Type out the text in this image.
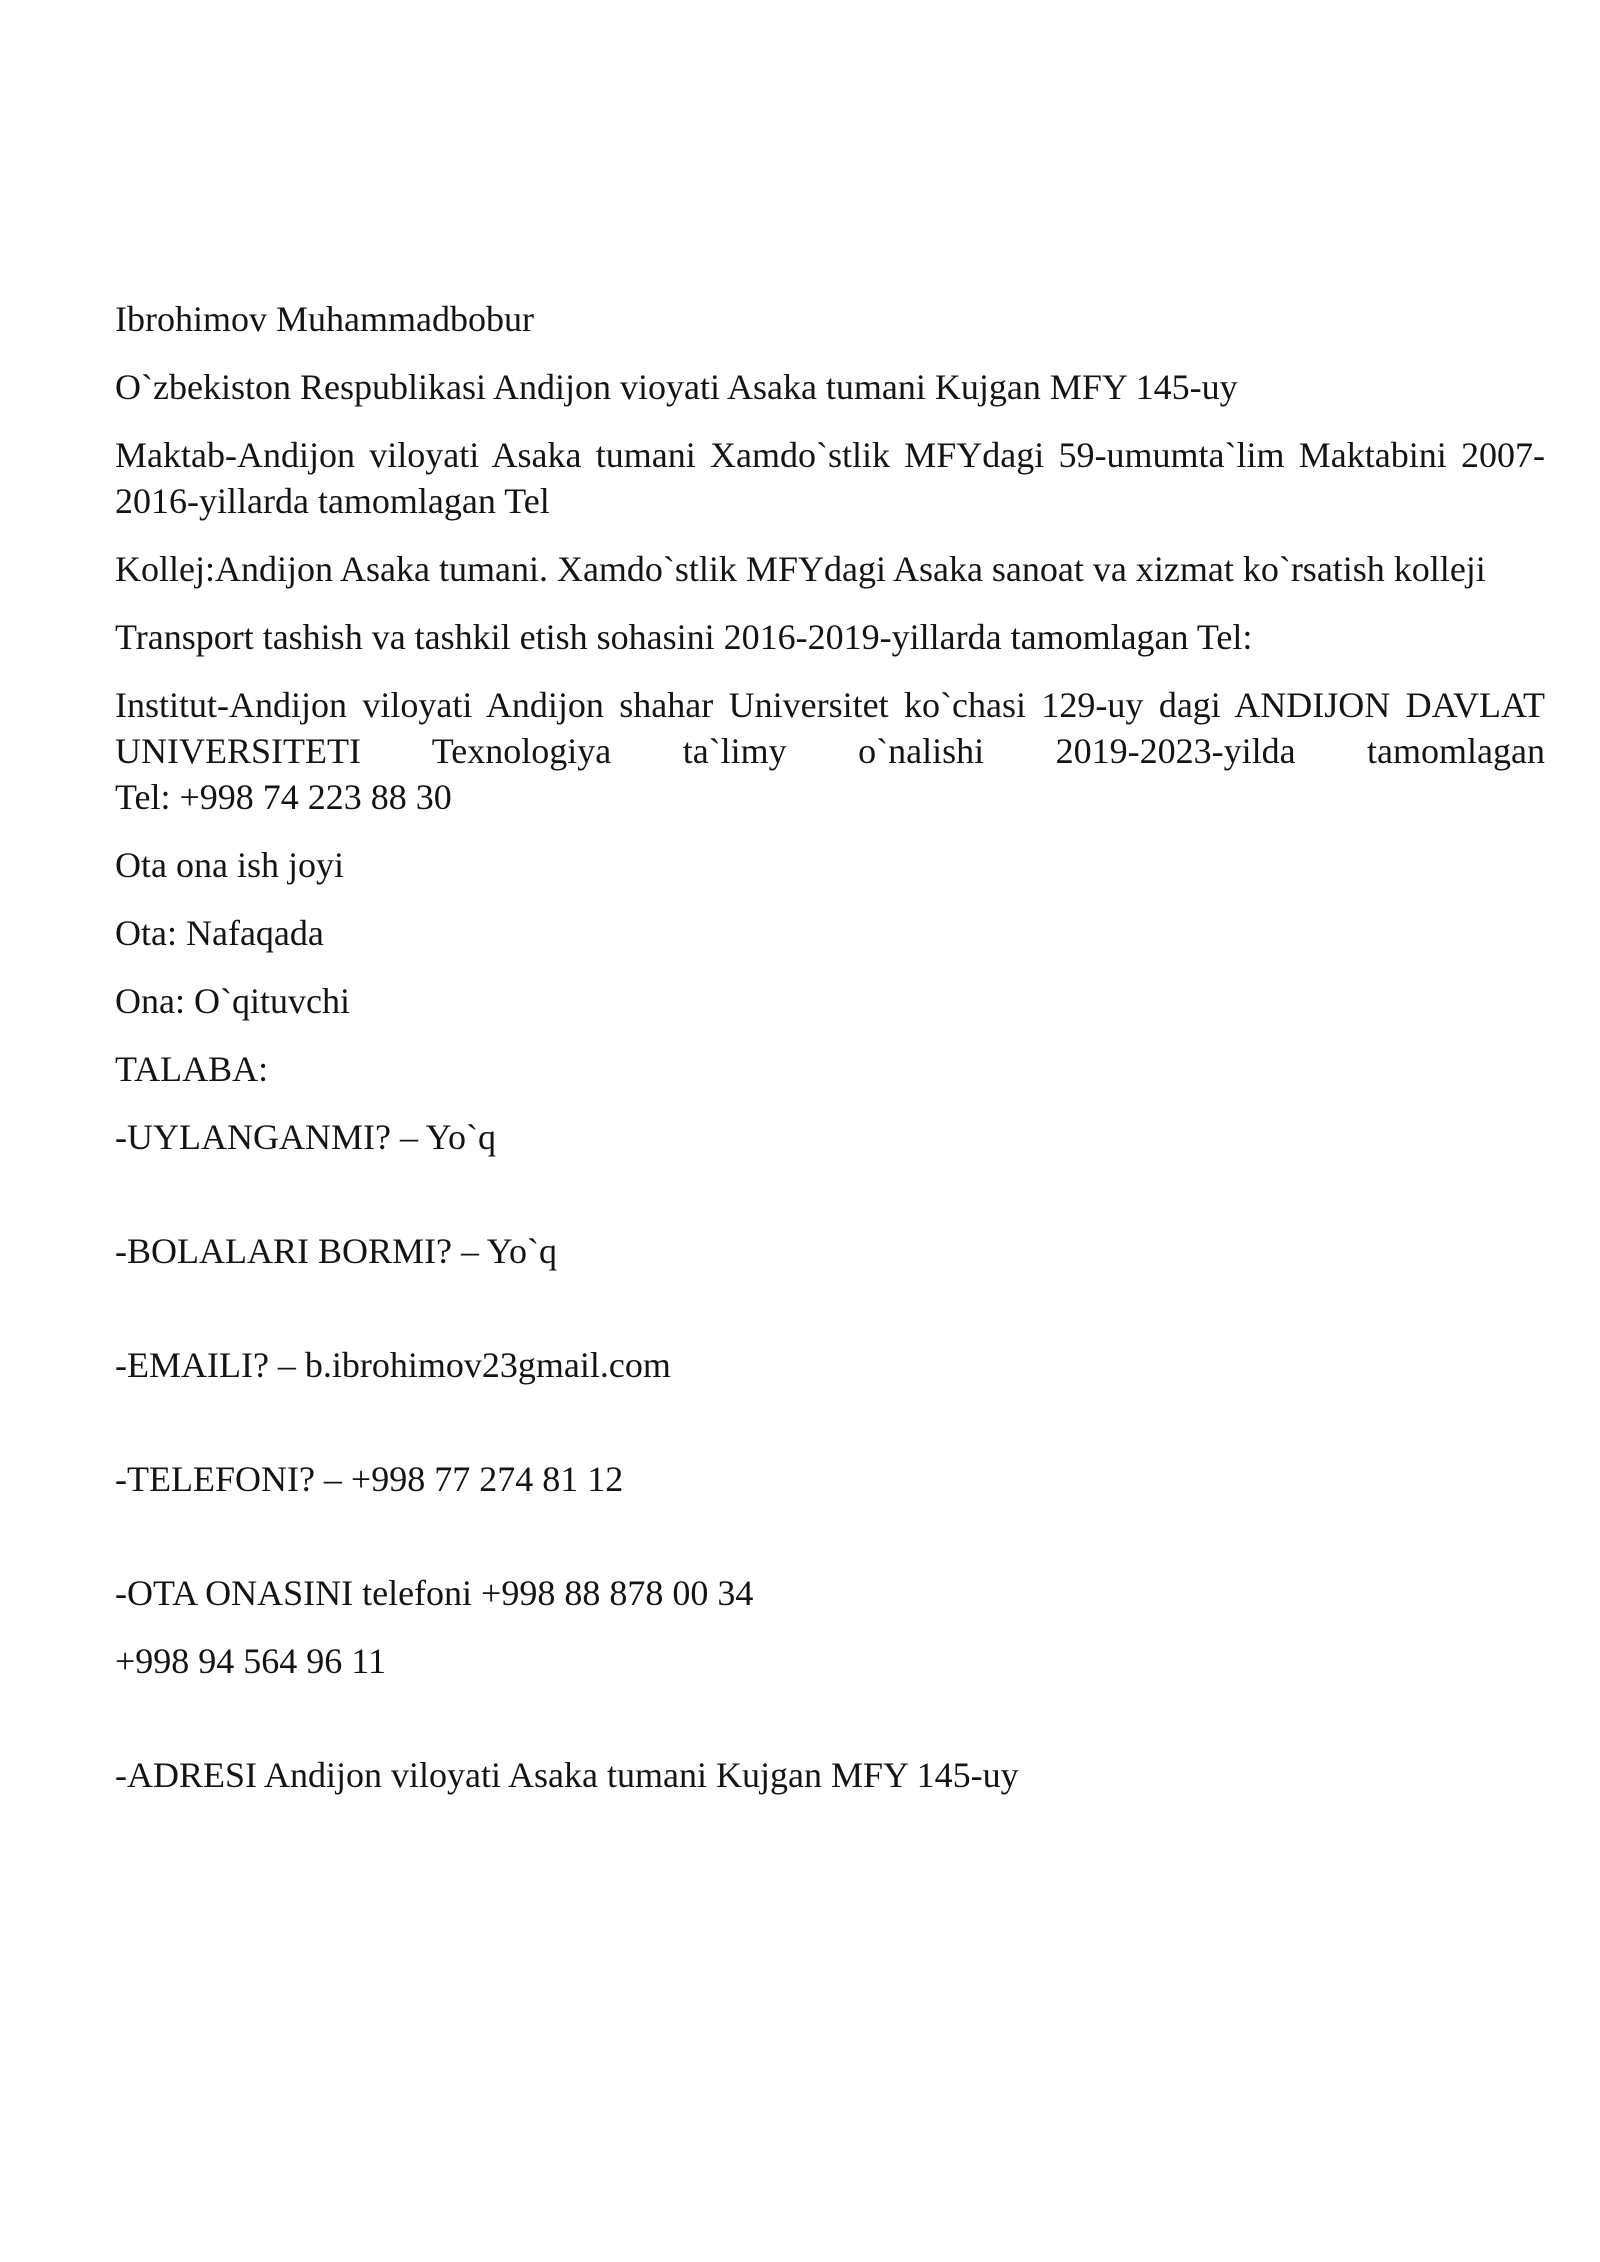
Ibrohimov Muhammadbobur

O`zbekiston Respublikasi Andijon vioyati Asaka tumani Kujgan MFY 145-uy

Maktab-Andijon viloyati Asaka tumani Xamdo`stlik MFYdagi 59-umumta`lim Maktabini 2007-2016-yillarda tamomlagan Tel

Kollej:Andijon Asaka tumani. Xamdo`stlik MFYdagi Asaka sanoat va xizmat ko`rsatish kolleji

Transport tashish va tashkil etish sohasini 2016-2019-yillarda tamomlagan Tel:

Institut-Andijon viloyati Andijon shahar Universitet ko`chasi 129-uy dagi ANDIJON DAVLAT
UNIVERSITETI Texnologiya ta`limy o`nalishi 2019-2023-yilda tamomlagan
Tel: +998 74 223 88 30

Ota ona ish joyi

Ota: Nafaqada

Ona: O`qituvchi

TALABA:

-UYLANGANMI? – Yo`q

-BOLALARI BORMI? – Yo`q

-EMAILI? – b.ibrohimov23gmail.com

-TELEFONI? – +998 77 274 81 12

-OTA ONASINI telefoni +998 88 878 00 34

+998 94 564 96 11

-ADRESI Andijon viloyati Asaka tumani Kujgan MFY 145-uy
